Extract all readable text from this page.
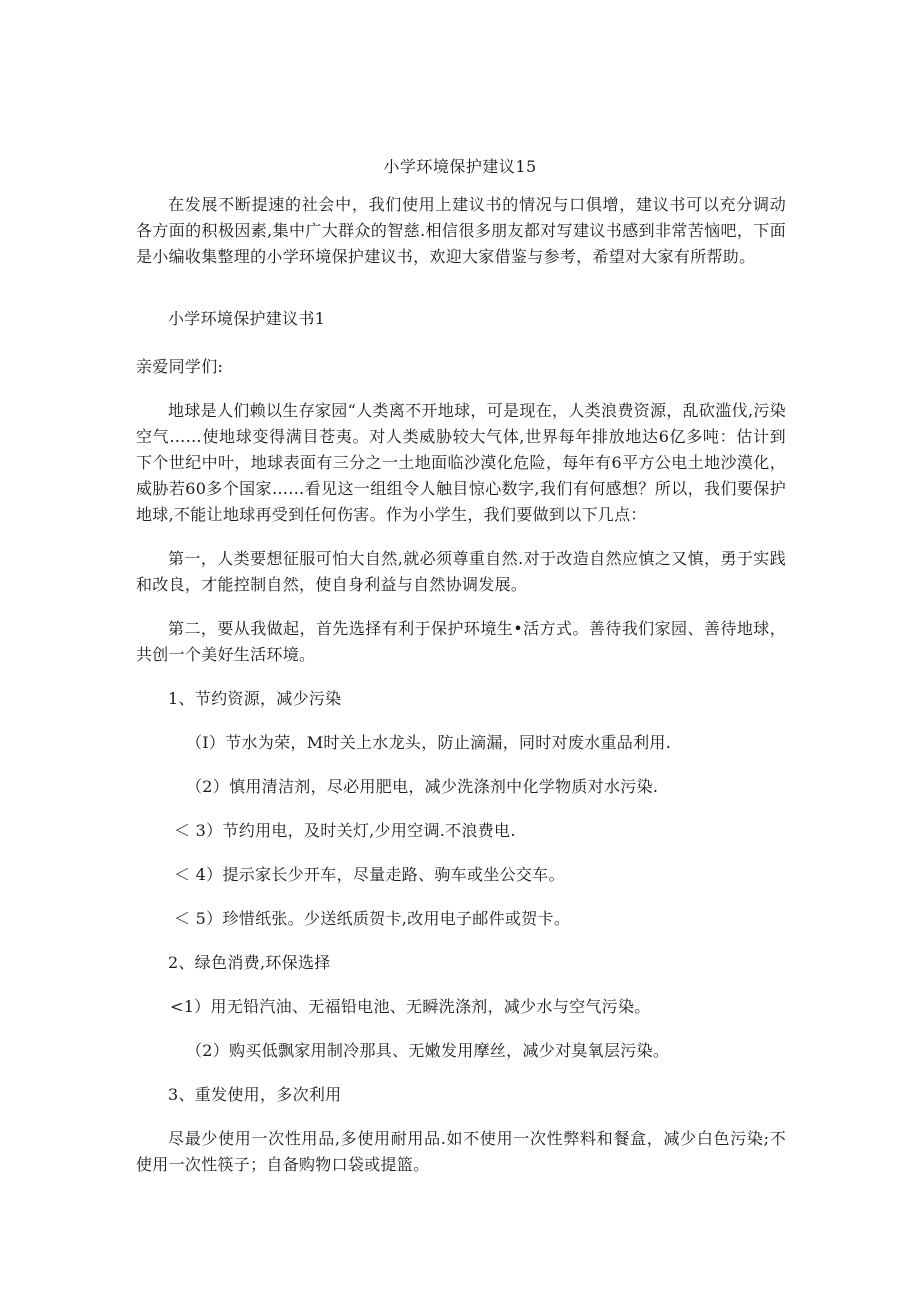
小学环境保护建议15

在发展不断提速的社会中，我们使用上建议书的情况与口俱增，建议书可以充分调动各方面的积极因素,集中广大群众的智慈.相信很多朋友都对写建议书感到非常苦恼吧，下面是小编收集整理的小学环境保护建议书，欢迎大家借鉴与参考，希望对大家有所帮助。

小学环境保护建议书1

亲爱同学们:

地球是人们赖以生存家园“人类离不开地球，可是现在，人类浪费资源，乱砍滥伐,污染空气……使地球变得满目苍夷。对人类威胁较大气体,世界每年排放地达6亿多吨：估计到下个世纪中叶，地球表面有三分之一土地面临沙漠化危险，每年有6平方公电土地沙漠化，威胁若60多个国家……看见这一组组令人触目惊心数字,我们有何感想？所以，我们要保护地球,不能让地球再受到任何伤害。作为小学生，我们要做到以下几点：

第一，人类要想征服可怕大自然,就必须尊重自然.对于改造自然应慎之又慎，勇于实践和改良，才能控制自然，使自身利益与自然协调发展。

第二，要从我做起，首先选择有利于保护环境生•活方式。善待我们家园、善待地球，共创一个美好生活环境。

1、节约资源，减少污染

（I）节水为荣，M时关上水龙头，防止滴漏，同时对废水重品利用.

（2）慎用清洁剂，尽必用肥电，减少洗涤剂中化学物质对水污染.

＜ 3）节约用电，及时关灯,少用空调.不浪费电.

＜ 4）提示家长少开车，尽量走路、驹车或坐公交车。

＜ 5）珍惜纸张。少送纸质贺卡,改用电子邮件或贺卡。

2、绿色消费,环保选择

<1）用无铅汽油、无福铅电池、无瞬洗涤剂，减少水与空气污染。

（2）购买低飘家用制冷那具、无嫩发用摩丝，减少对臭氧层污染。

3、重发使用，多次利用

尽最少使用一次性用品,多使用耐用品.如不使用一次性弊料和餐盒，减少白色污染;不使用一次性筷子；自备购物口袋或提篮。
